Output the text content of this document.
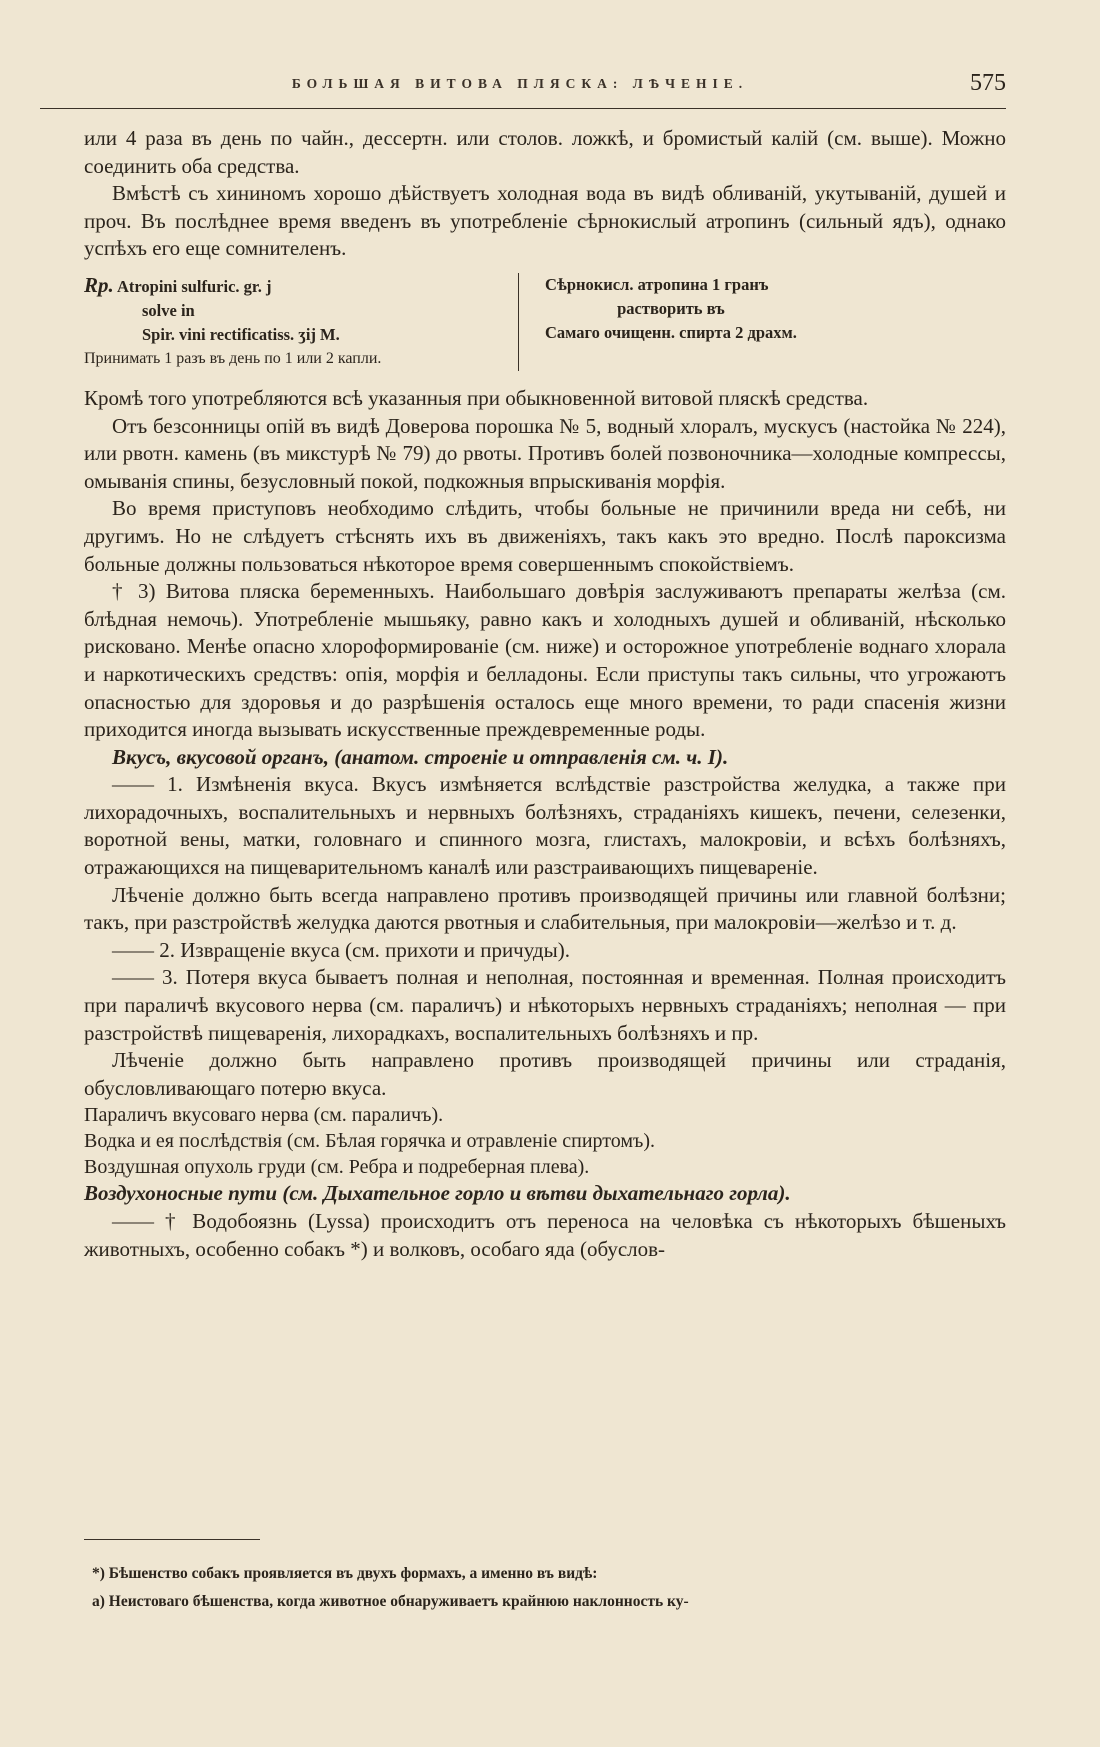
БОЛЬШАЯ ВИТОВА ПЛЯСКА: ЛѢЧЕНІЕ.	575

или 4 раза въ день по чайн., дессертн. или столов. ложкѣ, и бромистый калій (см. выше). Можно соединить оба средства.

Вмѣстѣ съ хининомъ хорошо дѣйствуетъ холодная вода въ видѣ обливаній, укутываній, душей и проч. Въ послѣднее время введенъ въ употребленіе сѣрнокислый атропинъ (сильный ядъ), однако успѣхъ его еще сомнителенъ.

Rp. Atropini sulfuric. gr. j
solve in
Spir. vini rectificatiss. ʒij M.
Принимать 1 разъ въ день по 1 или 2 капли.
Сѣрнокисл. атропина 1 гранъ
растворить въ
Самаго очищенн. спирта 2 драхм.

Кромѣ того употребляются всѣ указанныя при обыкновенной витовой пляскѣ средства.

Отъ безсонницы опій въ видѣ Доверова порошка № 5, водный хлоралъ, мускусъ (настойка № 224), или рвотн. камень (въ микстурѣ № 79) до рвоты. Противъ болей позвоночника—холодные компрессы, омыванія спины, безусловный покой, подкожныя впрыскиванія морфія.

Во время приступовъ необходимо слѣдить, чтобы больные не причинили вреда ни себѣ, ни другимъ. Но не слѣдуетъ стѣснять ихъ въ движеніяхъ, такъ какъ это вредно. Послѣ пароксизма больные должны пользоваться нѣкоторое время совершеннымъ спокойствіемъ.

† 3) Витова пляска беременныхъ. Наибольшаго довѣрія заслуживаютъ препараты желѣза (см. блѣдная немочь). Употребленіе мышьяку, равно какъ и холодныхъ душей и обливаній, нѣсколько рисковано. Менѣе опасно хлороформированіе (см. ниже) и осторожное употребленіе воднаго хлорала и наркотическихъ средствъ: опія, морфія и белладоны. Если приступы такъ сильны, что угрожаютъ опасностью для здоровья и до разрѣшенія осталось еще много времени, то ради спасенія жизни приходится иногда вызывать искусственные преждевременные роды.

Вкусъ, вкусовой органъ, (анатом. строеніе и отправленія см. ч. I).

—— 1. Измѣненія вкуса. Вкусъ измѣняется вслѣдствіе разстройства желудка, а также при лихорадочныхъ, воспалительныхъ и нервныхъ болѣзняхъ, страданіяхъ кишекъ, печени, селезенки, воротной вены, матки, головнаго и спинного мозга, глистахъ, малокровіи, и всѣхъ болѣзняхъ, отражающихся на пищеварительномъ каналѣ или разстраивающихъ пищевареніе.

Лѣченіе должно быть всегда направлено противъ производящей причины или главной болѣзни; такъ, при разстройствѣ желудка даются рвотныя и слабительныя, при малокровіи—желѣзо и т. д.

—— 2. Извращеніе вкуса (см. прихоти и причуды).

—— 3. Потеря вкуса бываетъ полная и неполная, постоянная и временная. Полная происходитъ при параличѣ вкусового нерва (см. параличъ) и нѣкоторыхъ нервныхъ страданіяхъ; неполная — при разстройствѣ пищеваренія, лихорадкахъ, воспалительныхъ болѣзняхъ и пр.

Лѣченіе должно быть направлено противъ производящей причины или страданія, обусловливающаго потерю вкуса.

Параличъ вкусоваго нерва (см. параличъ).

Водка и ея послѣдствія (см. Бѣлая горячка и отравленіе спиртомъ).

Воздушная опухоль груди (см. Ребра и подреберная плева).

Воздухоносные пути (см. Дыхательное горло и вѣтви дыхательнаго горла).

—— † Водобоязнь (Lyssa) происходитъ отъ переноса на человѣка съ нѣкоторыхъ бѣшеныхъ животныхъ, особенно собакъ *) и волковъ, особаго яда (обуслов-

*) Бѣшенство собакъ проявляется въ двухъ формахъ, а именно въ видѣ:
а) Неистоваго бѣшенства, когда животное обнаруживаетъ крайнюю наклонность ку-
